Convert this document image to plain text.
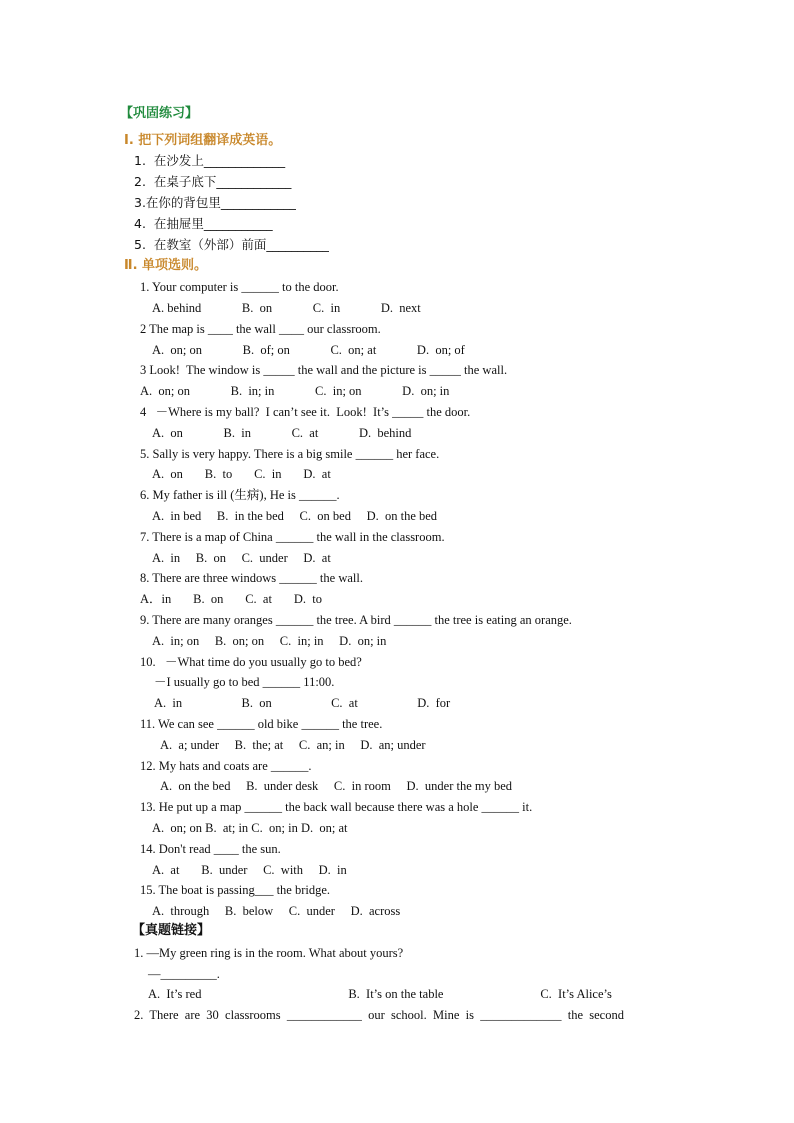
【巩固练习】
Ⅰ. 把下列词组翻译成英语。
1.  在沙发上_____________
2.  在桌子底下____________
3.在你的背包里____________
4.  在抽屉里___________
5.  在教室（外部）前面__________
Ⅱ. 单项选则。
1. Your computer is ______ to the door.
A. behind             B.  on             C.  in             D.  next
2 The map is ____ the wall ____ our classroom.
A.  on; on             B.  of; on             C.  on; at             D.  on; of
3 Look!  The window is _____ the wall and the picture is _____ the wall.
A.  on; on             B.  in; in             C.  in; on             D.  on; in
4   －Where is my ball?  I can’t see it.  Look!  It’s _____ the door.
A.  on             B.  in             C.  at             D.  behind
5. Sally is very happy. There is a big smile ______ her face.
A.  on       B.  to       C.  in       D.  at
6. My father is ill (生病), He is ______.
A.  in bed     B.  in the bed     C.  on bed     D.  on the bed
7. There is a map of China ______ the wall in the classroom.
A.  in     B.  on     C.  under     D.  at
8. There are three windows ______ the wall.
A．in       B.  on       C.  at       D.  to
9. There are many oranges ______ the tree. A bird ______ the tree is eating an orange.
A.  in; on     B.  on; on     C.  in; in     D.  on; in
10.   －What time do you usually go to bed?
－I usually go to bed ______ 11:00.
A.  in                   B.  on                   C.  at                   D.  for
11. We can see ______ old bike ______ the tree.
A.  a; under     B.  the; at     C.  an; in     D.  an; under
12. My hats and coats are ______.
A.  on the bed     B.  under desk     C.  in room     D.  under the my bed
13. He put up a map ______ the back wall because there was a hole ______ it.
A.  on; on B.  at; in C.  on; in D.  on; at
14. Don't read ____ the sun.
A.  at       B.  under     C.  with     D.  in
15. The boat is passing___ the bridge.
A.  through     B.  below     C.  under     D.  across
【真题链接】
1. —My green ring is in the room. What about yours?
—_________.
A.  It’s red                                               B.  It’s on the table                               C.  It’s Alice’s
2.  There  are  30  classrooms  ____________  our  school.  Mine  is  _____________  the  second
